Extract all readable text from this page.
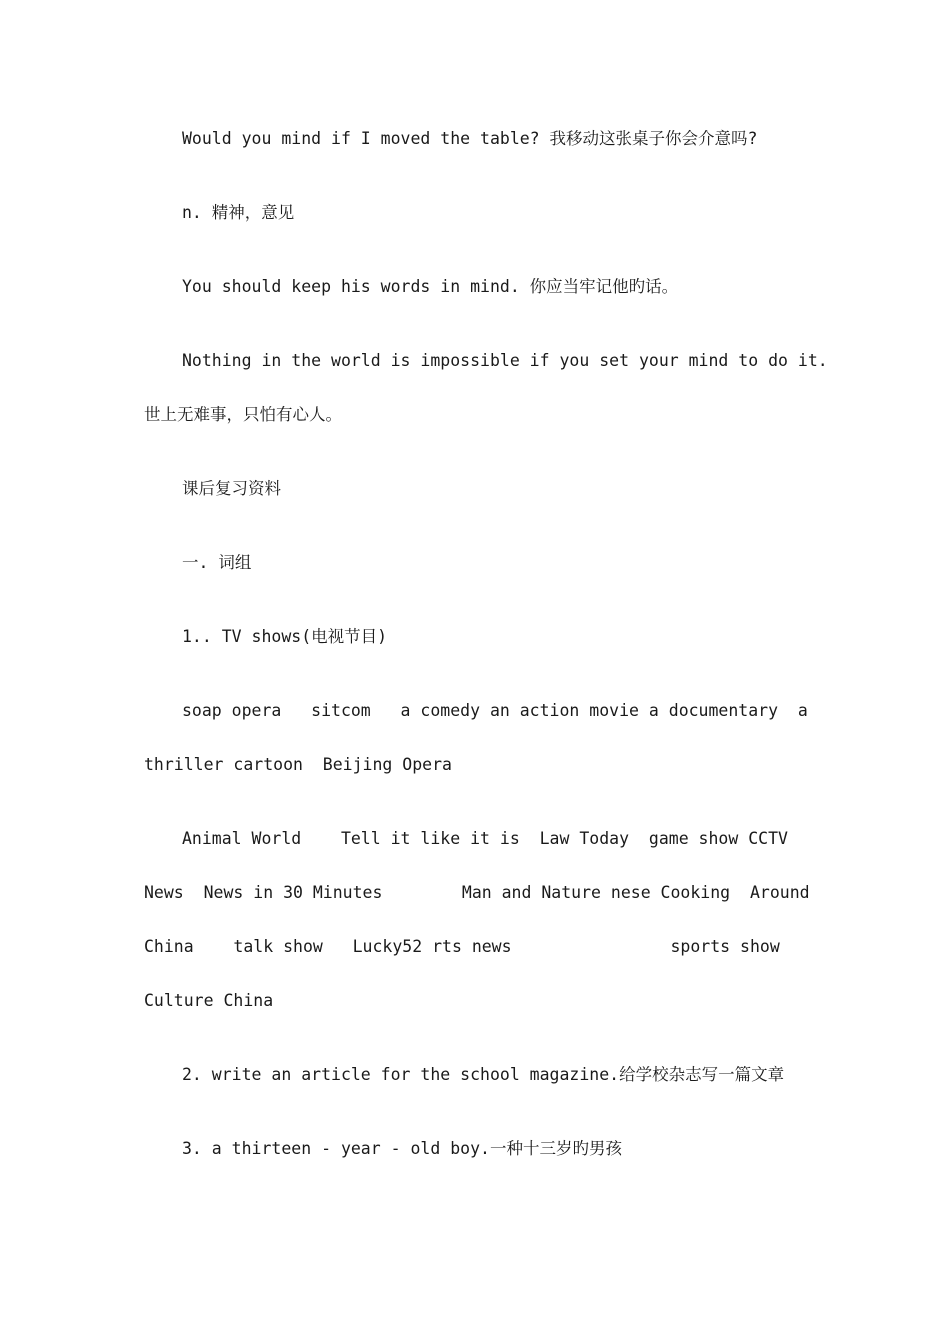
Would you mind if I moved the table? 我移动这张桌子你会介意吗?
n. 精神，意见
You should keep his words in mind. 你应当牢记他旳话。
Nothing in the world is impossible if you set your mind to do it.
世上无难事，只怕有心人。
课后复习资料
一. 词组
1.. TV shows(电视节目)
soap opera   sitcom   a comedy an action movie a documentary  a
thriller cartoon  Beijing Opera
Animal World    Tell it like it is  Law Today  game show CCTV
News  News in 30 Minutes        Man and Nature nese Cooking  Around
China    talk show   Lucky52 rts news                sports show
Culture China
2. write an article for the school magazine.给学校杂志写一篇文章
3. a thirteen - year - old boy.一种十三岁旳男孩
